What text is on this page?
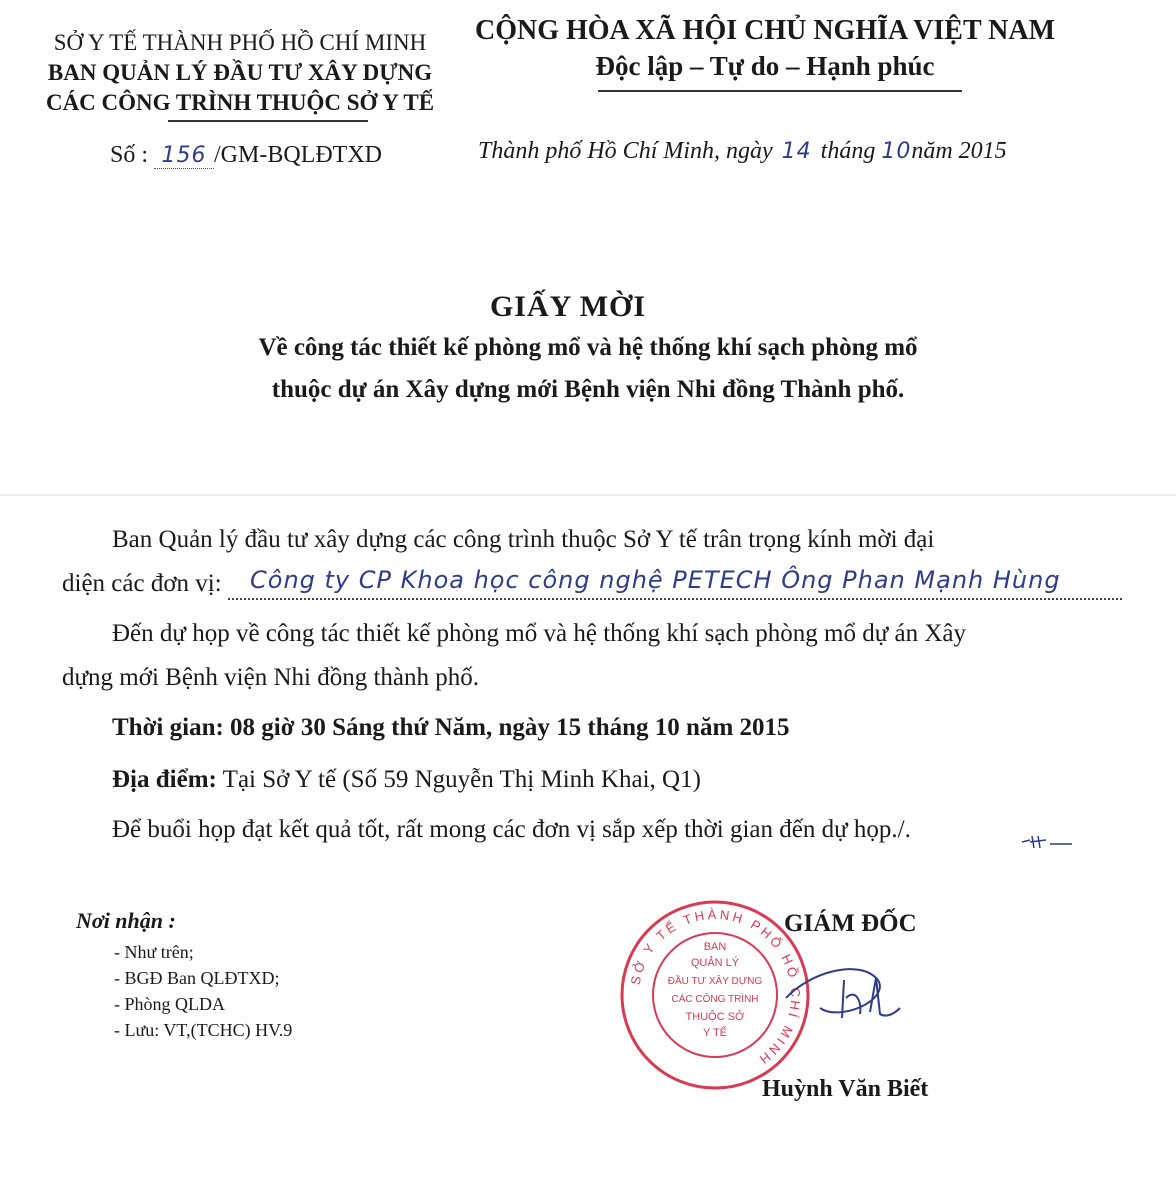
SỞ Y TẾ THÀNH PHỐ HỒ CHÍ MINH
BAN QUẢN LÝ ĐẦU TƯ XÂY DỰNG
CÁC CÔNG TRÌNH THUỘC SỞ Y TẾ
CỘNG HÒA XÃ HỘI CHỦ NGHĨA VIỆT NAM
Độc lập – Tự do – Hạnh phúc
Số : 156 /GM-BQLĐTXD	Thành phố Hồ Chí Minh, ngày 14 tháng 10năm 2015
GIẤY MỜI
Về công tác thiết kế phòng mổ và hệ thống khí sạch phòng mổ
thuộc dự án Xây dựng mới Bệnh viện Nhi đồng Thành phố.
Ban Quản lý đầu tư xây dựng các công trình thuộc Sở Y tế trân trọng kính mời đại
diện các đơn vị: Công ty CP Khoa học công nghệ PETECH Ông Phan Mạnh Hùng
Đến dự họp về công tác thiết kế phòng mổ và hệ thống khí sạch phòng mổ dự án Xây
dựng mới Bệnh viện Nhi đồng thành phố.
Thời gian: 08 giờ 30 Sáng thứ Năm, ngày 15 tháng 10 năm 2015
Địa điểm: Tại Sở Y tế (Số 59 Nguyễn Thị Minh Khai, Q1)
Để buổi họp đạt kết quả tốt, rất mong các đơn vị sắp xếp thời gian đến dự họp./.
Nơi nhận :
- Như trên;
- BGĐ Ban QLĐTXD;
- Phòng QLDA
- Lưu: VT,(TCHC) HV.9
GIÁM ĐỐC
Huỳnh Văn Biết
SỞ Y TẾ THÀNH PHỐ HỒ CHÍ MINH
BAN
QUẢN LÝ
ĐẦU TƯ XÂY DỰNG
CÁC CÔNG TRÌNH
THUỘC SỞ
Y TẾ
